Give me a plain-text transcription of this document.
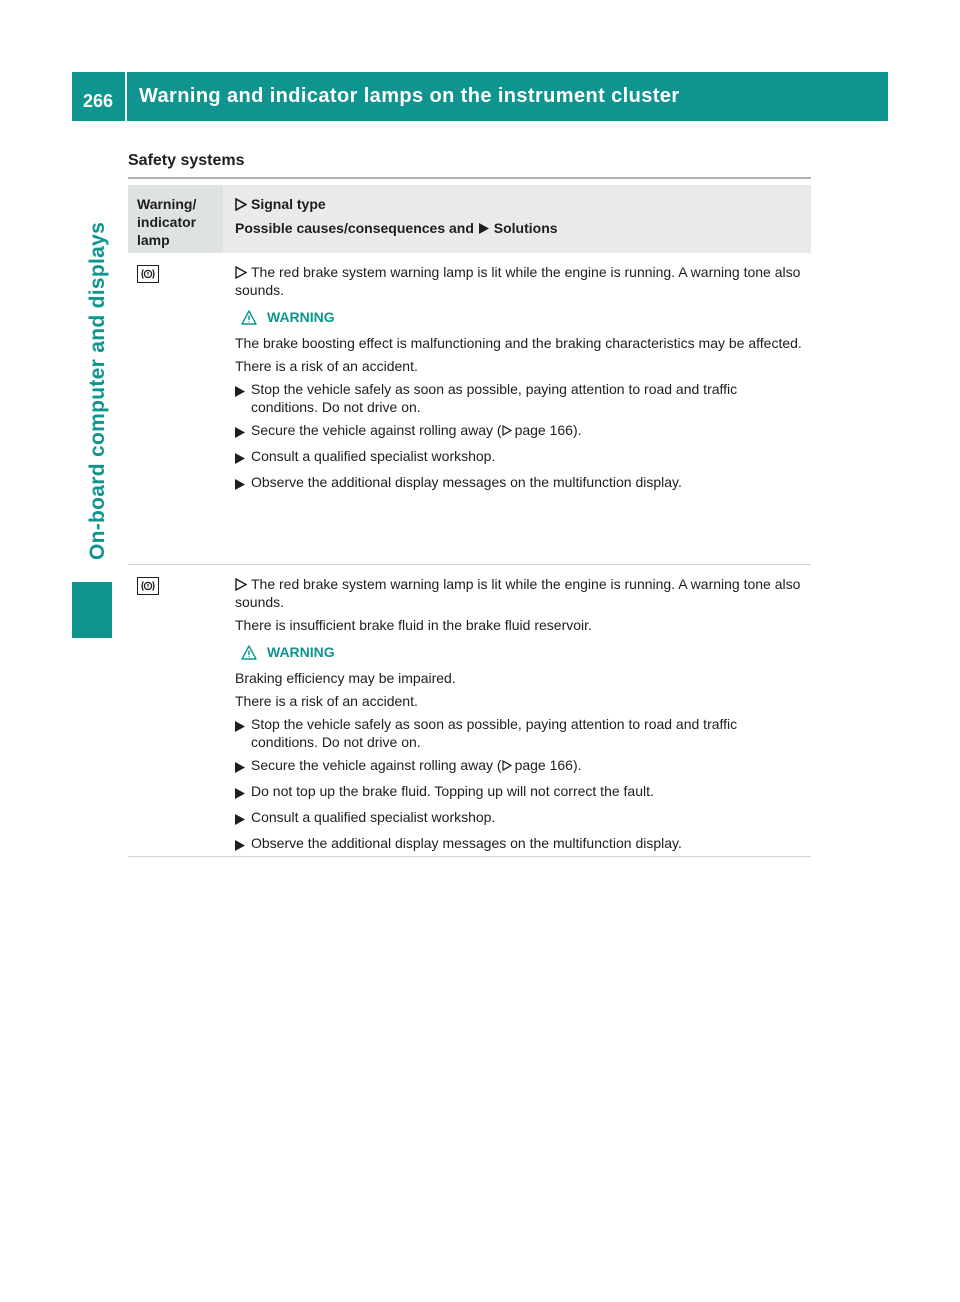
266	Warning and indicator lamps on the instrument cluster
On-board computer and displays
Safety systems
Warning/ indicator lamp
Signal type
Possible causes/consequences and Solutions
The red brake system warning lamp is lit while the engine is running. A warning tone also sounds.
WARNING
The brake boosting effect is malfunctioning and the braking characteristics may be affected.
There is a risk of an accident.
Stop the vehicle safely as soon as possible, paying attention to road and traffic conditions. Do not drive on.
Secure the vehicle against rolling away ( page 166).
Consult a qualified specialist workshop.
Observe the additional display messages on the multifunction display.
The red brake system warning lamp is lit while the engine is running. A warning tone also sounds.
There is insufficient brake fluid in the brake fluid reservoir.
WARNING
Braking efficiency may be impaired.
There is a risk of an accident.
Stop the vehicle safely as soon as possible, paying attention to road and traffic conditions. Do not drive on.
Secure the vehicle against rolling away ( page 166).
Do not top up the brake fluid. Topping up will not correct the fault.
Consult a qualified specialist workshop.
Observe the additional display messages on the multifunction display.
